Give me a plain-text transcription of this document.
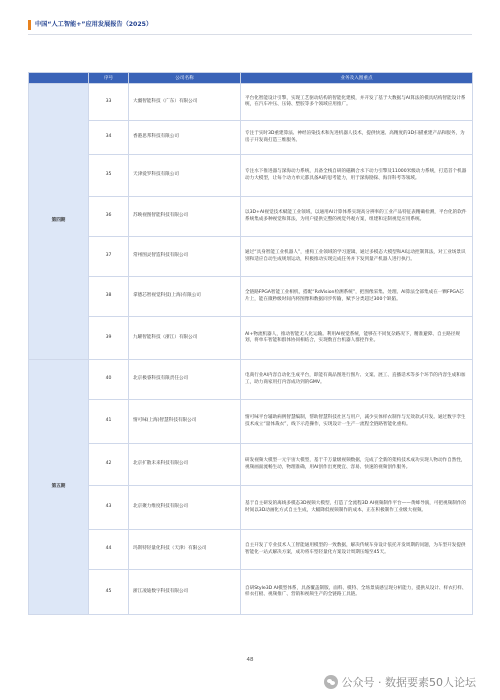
中国“人工智能+”应用发展报告（2025）
	序号	公司名称	业务及入围重点
第四期	33	大疆智能科技（广东）有限公司	平台化智能设计引擎，实现工艺驱动结构的智能化建模，并开发了基于大数据与AI算法的模具结构智能设计系统，在汽车冲压、压铸、塑胶等多个领域应用推广。
	34	香港思邦科技有限公司	专注于实时3D重建算法、神经渲染技术和先进机器人技术，提供快速、高精度的3D扫描重建产品和服务，为房子开发商打造三维服务。
	35	天津爱罗科技有限公司	专注水下推进器与深海动力系统，具备全栈自研的磁耦合水下动力引擎及11000米级动力系统，打造首个机器动力大模型，让每个动力单元都具备AI的思考能力，用于深海勘探、海洋科考等领域。
	36	苏映视图智能科技有限公司	以3D+AI视觉技术赋能工业领域，以通用AI计算体系实现高分辨率的工业产品特征表精确检测，平台化的软件系统集成多种视觉和算法，为用户提供完整的视觉外观方案，组建和定制视觉应用系统。
	37	常州图灵智造科技有限公司	通过“具身智能工业机器人”，重构工业领域的学习逻辑，通过多模态大模型和AI运动控制算法，对工业场景识别和适应自动生成规划运动，积极推动实现完成任务并下发到量产机器人进行执行。
	38	拿德芯智视觉科技(上海)有限公司	全链路FPGA智能工业相机，搭配“RdVision检测系统”，把图像采集、处理、AI算法全部集成在一颗FPGA芯片上，能在微秒级时间内将图像和数据同步传输，赋予分类超过300个缺陷。
	39	九曜智能科技（浙江）有限公司	AI+物流机器人，推动智能无人化运输。利用AI视觉系统，能够在不同复杂路况下，精准避障、自主路径规划，将单车智能和群体协同相结合，实现数百台机器人群控作业。
第五期	40	北京极睿科技有限责任公司	电商行业AI内容自动化生成平台，即能有商品图进行图片、文案、展工、直播话术等多个环节的内容生成和加工，助力商家用打内容成功到的GMV。
	41	情可味(上海)智慧科技有限公司	情可味平台辅助病例智慧编制，帮助智慧科技社区与用户，减少实体样衣制作与无效款式开发。通过数字孪生技术成立“量体裁衣”，线下示范操作，实现设计一生产一流程全链路智能化重构。
	42	北京扩散未来科技有限公司	研发视频大模型一元宇宙大模型，基于千万量级视频数据，完成了全新的架构技术成功实现人物动作自然性，视频画面流畅生动，物理准确，用AI创作出更便宜、容易、快速的视频创作服务。
	43	北京聚力维度科技有限公司	基于自主研发的离线多模态3D视频大模型，打造了全流程3D AI视频制作平台——黄蜂导演，可把视频制作的时间以3D动画化方式自主生成，大幅降低视频制作的成本，正在积极制作工业级大视频。
	44	玛斯特轻量化科技（天津）有限公司	自主开发了专业技术人工智能通用模型的一致数据，解决传统车身设计依托开发周期的问题，为车型开发提供智能化一站式解决方案，成功将车型轻量化方案设计周期压缩至45天。
	45	浙江凌迪数字科技有限公司	自研Style3D AI模型体系，具备覆盖制版、面料、模特、全场景质感呈现分析能力，提供从设计、样衣打样、样衣打板、视频推广、营销和视频生产的全链路工具链。
48
公众号 · 数据要素50人论坛
